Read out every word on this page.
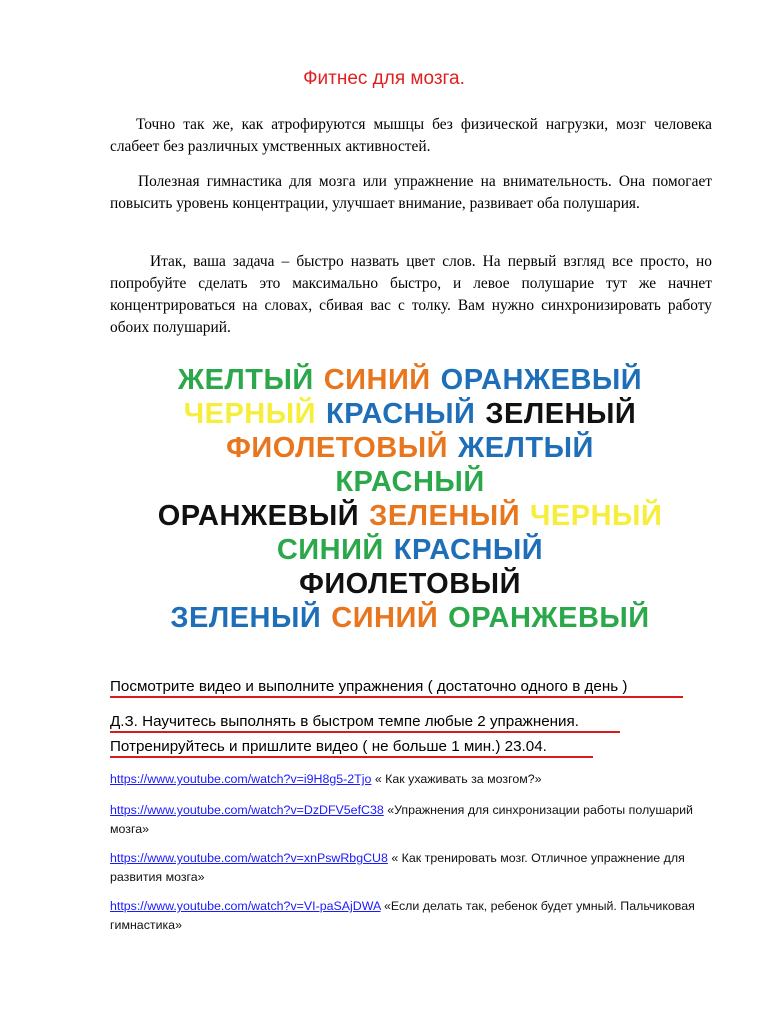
Фитнес для мозга.

Точно так же, как атрофируются мышцы без физической нагрузки, мозг человека слабеет без различных умственных активностей.

Полезная гимнастика для мозга или упражнение на внимательность. Она помогает повысить уровень концентрации, улучшает внимание, развивает оба полушария.

Итак, ваша задача – быстро назвать цвет слов. На первый взгляд все просто, но попробуйте сделать это максимально быстро, и левое полушарие тут же начнет концентрироваться на словах, сбивая вас с толку. Вам нужно синхронизировать работу обоих полушарий.

ЖЕЛТЫЙ СИНИЙ ОРАНЖЕВЫЙ
ЧЕРНЫЙ КРАСНЫЙ ЗЕЛЕНЫЙ
ФИОЛЕТОВЫЙ ЖЕЛТЫЙ
КРАСНЫЙ
ОРАНЖЕВЫЙ ЗЕЛЕНЫЙ ЧЕРНЫЙ
СИНИЙ КРАСНЫЙ
ФИОЛЕТОВЫЙ
ЗЕЛЕНЫЙ СИНИЙ ОРАНЖЕВЫЙ

Посмотрите видео и выполните упражнения ( достаточно одного в день )

Д.З. Научитесь выполнять в быстром темпе любые 2 упражнения.

Потренируйтесь и пришлите видео ( не больше 1 мин.) 23.04.

https://www.youtube.com/watch?v=i9H8g5-2Tjo « Как ухаживать за мозгом?»
https://www.youtube.com/watch?v=DzDFV5efC38 «Упражнения для синхронизации работы полушарий мозга»
https://www.youtube.com/watch?v=xnPswRbgCU8 « Как тренировать мозг. Отличное упражнение для развития мозга»
https://www.youtube.com/watch?v=VI-paSAjDWA «Если делать так, ребенок будет умный. Пальчиковая гимнастика»
